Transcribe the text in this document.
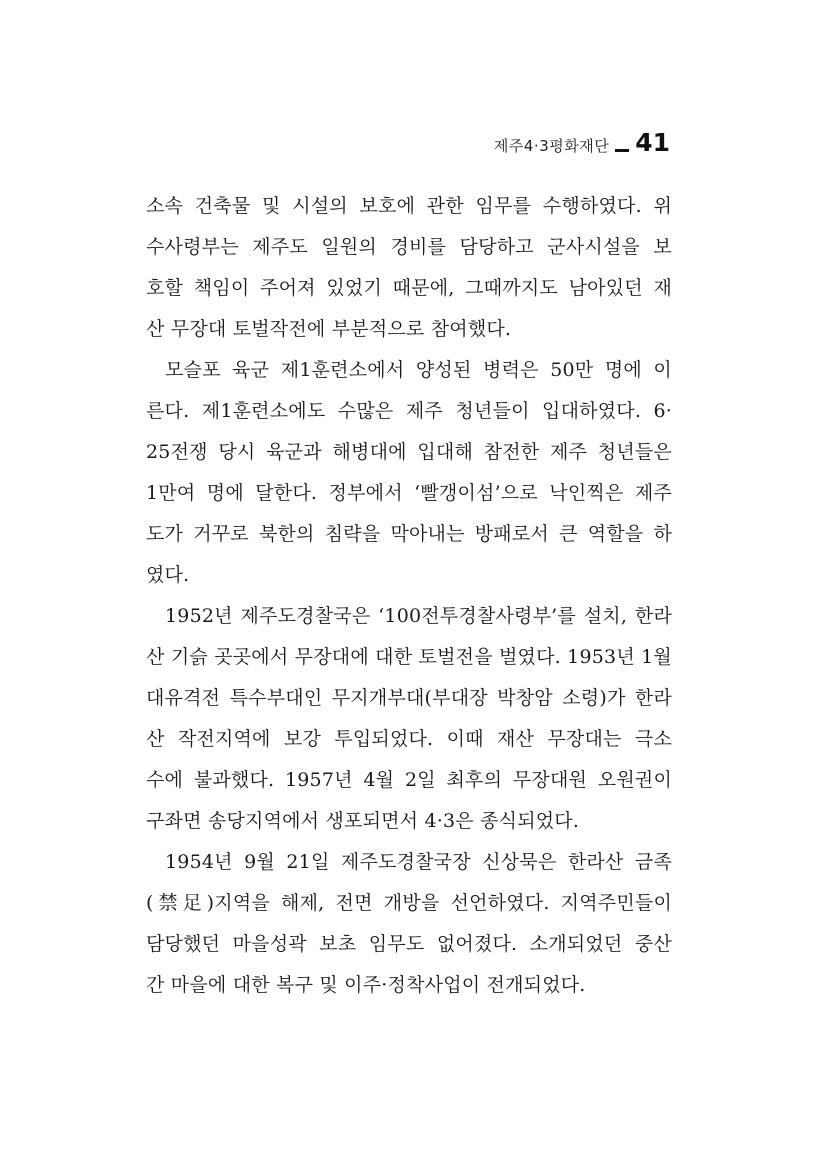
제주4·3평화재단 41

소속 건축물 및 시설의 보호에 관한 임무를 수행하였다. 위
수사령부는 제주도 일원의 경비를 담당하고 군사시설을 보
호할 책임이 주어져 있었기 때문에, 그때까지도 남아있던 재
산 무장대 토벌작전에 부분적으로 참여했다.

모슬포 육군 제1훈련소에서 양성된 병력은 50만 명에 이
른다. 제1훈련소에도 수많은 제주 청년들이 입대하였다. 6·
25전쟁 당시 육군과 해병대에 입대해 참전한 제주 청년들은
1만여 명에 달한다. 정부에서 ‘빨갱이섬’으로 낙인찍은 제주
도가 거꾸로 북한의 침략을 막아내는 방패로서 큰 역할을 하
였다.

1952년 제주도경찰국은 ‘100전투경찰사령부’를 설치, 한라
산 기슭 곳곳에서 무장대에 대한 토벌전을 벌였다. 1953년 1월
대유격전 특수부대인 무지개부대(부대장 박창암 소령)가 한라
산 작전지역에 보강 투입되었다. 이때 재산 무장대는 극소
수에 불과했다. 1957년 4월 2일 최후의 무장대원 오원권이
구좌면 송당지역에서 생포되면서 4·3은 종식되었다.

1954년 9월 21일 제주도경찰국장 신상묵은 한라산 금족
(禁足)지역을 해제, 전면 개방을 선언하였다. 지역주민들이
담당했던 마을성곽 보초 임무도 없어졌다. 소개되었던 중산
간 마을에 대한 복구 및 이주·정착사업이 전개되었다.
